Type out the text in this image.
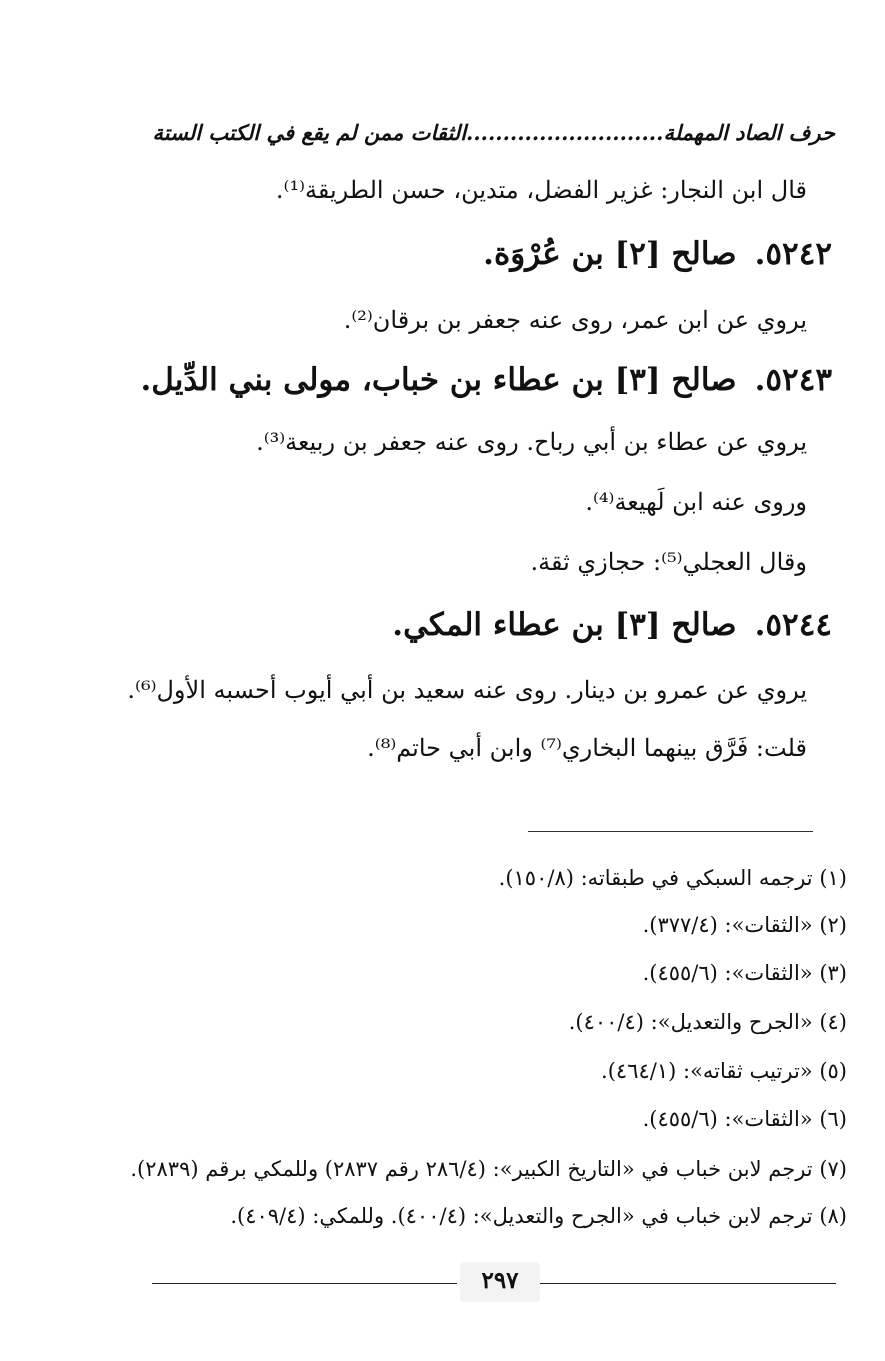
حرف الصاد المهملة
...........................
الثقات ممن لم يقع في الكتب الستة
قال ابن النجار: غزير الفضل، متدين، حسن الطريقة⁽¹⁾.
٥٢٤٢.صالح [٢] بن عُرْوَة.
يروي عن ابن عمر، روى عنه جعفر بن برقان⁽²⁾.
٥٢٤٣.صالح [٣] بن عطاء بن خباب، مولى بني الدِّيل.
يروي عن عطاء بن أبي رباح. روى عنه جعفر بن ربيعة⁽³⁾.
وروى عنه ابن لَهيعة⁽⁴⁾.
وقال العجلي⁽⁵⁾: حجازي ثقة.
٥٢٤٤.صالح [٣] بن عطاء المكي.
يروي عن عمرو بن دينار. روى عنه سعيد بن أبي أيوب أحسبه الأول⁽⁶⁾.
قلت: فَرَّق بينهما البخاري⁽⁷⁾ وابن أبي حاتم⁽⁸⁾.
(١) ترجمه السبكي في طبقاته: (١٥٠/٨).
(٢) «الثقات»: (٣٧٧/٤).
(٣) «الثقات»: (٤٥٥/٦).
(٤) «الجرح والتعديل»: (٤٠٠/٤).
(٥) «ترتيب ثقاته»: (٤٦٤/١).
(٦) «الثقات»: (٤٥٥/٦).
(٧) ترجم لابن خباب في «التاريخ الكبير»: (٢٨٦/٤ رقم ٢٨٣٧) وللمكي برقم (٢٨٣٩).
(٨) ترجم لابن خباب في «الجرح والتعديل»: (٤٠٠/٤). وللمكي: (٤٠٩/٤).
٢٩٧
